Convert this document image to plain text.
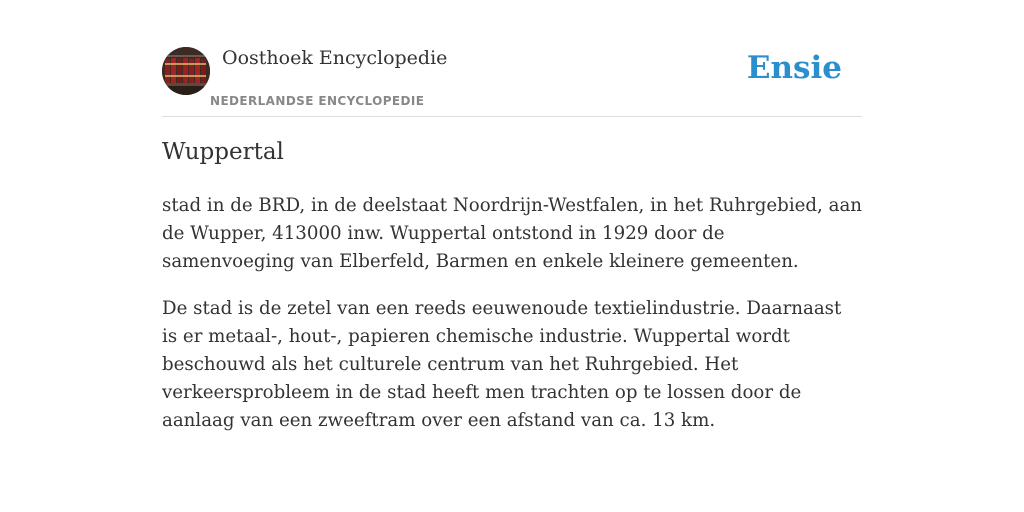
Oosthoek Encyclopedie
NEDERLANDSE ENCYCLOPEDIE
Ensie
Wuppertal

stad in de BRD, in de deelstaat Noordrijn-Westfalen, in het Ruhrgebied, aan de Wupper, 413000 inw. Wuppertal ontstond in 1929 door de samenvoeging van Elberfeld, Barmen en enkele kleinere gemeenten.

De stad is de zetel van een reeds eeuwenoude textielindustrie. Daarnaast is er metaal-, hout-, papieren chemische industrie. Wuppertal wordt beschouwd als het culturele centrum van het Ruhrgebied. Het verkeersprobleem in de stad heeft men trachten op te lossen door de aanlaag van een zweeftram over een afstand van ca. 13 km.
